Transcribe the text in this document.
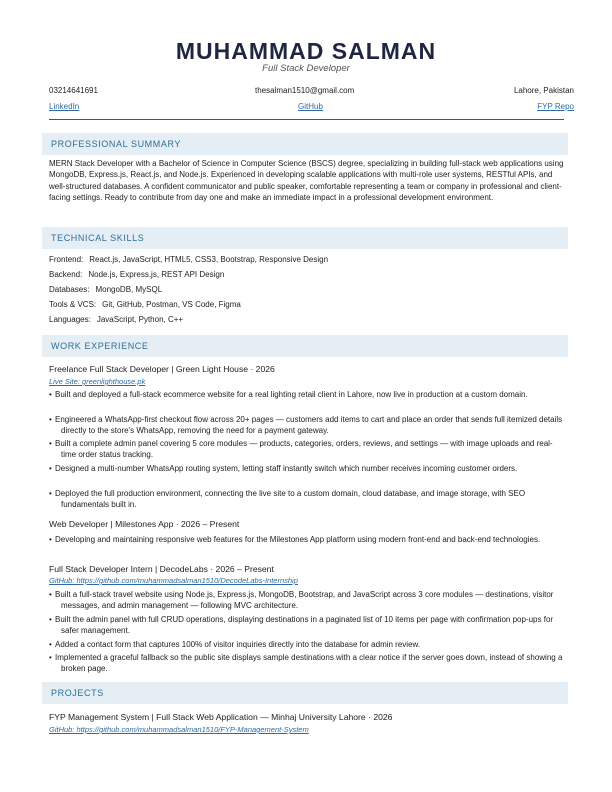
MUHAMMAD SALMAN
Full Stack Developer
03214641691	thesalman1510@gmail.com	Lahore, Pakistan
LinkedIn	GitHub	FYP Repo
PROFESSIONAL SUMMARY
MERN Stack Developer with a Bachelor of Science in Computer Science (BSCS) degree, specializing in building full-stack web applications using MongoDB, Express.js, React.js, and Node.js. Experienced in developing scalable applications with multi-role user systems, RESTful APIs, and well-structured databases. A confident communicator and public speaker, comfortable representing a team or company in professional and client-facing settings. Ready to contribute from day one and make an immediate impact in a professional development environment.
TECHNICAL SKILLS
Frontend: React.js, JavaScript, HTML5, CSS3, Bootstrap, Responsive Design
Backend: Node.js, Express.js, REST API Design
Databases: MongoDB, MySQL
Tools & VCS: Git, GitHub, Postman, VS Code, Figma
Languages: JavaScript, Python, C++
WORK EXPERIENCE
Freelance Full Stack Developer | Green Light House · 2026
Live Site: greenlighthouse.pk
• Built and deployed a full-stack ecommerce website for a real lighting retail client in Lahore, now live in production at a custom domain.
• Engineered a WhatsApp-first checkout flow across 20+ pages — customers add items to cart and place an order that sends full itemized details directly to the store's WhatsApp, removing the need for a payment gateway.
• Built a complete admin panel covering 5 core modules — products, categories, orders, reviews, and settings — with image uploads and real-time order status tracking.
• Designed a multi-number WhatsApp routing system, letting staff instantly switch which number receives incoming customer orders.
• Deployed the full production environment, connecting the live site to a custom domain, cloud database, and image storage, with SEO fundamentals built in.
Web Developer | Milestones App · 2026 – Present
• Developing and maintaining responsive web features for the Milestones App platform using modern front-end and back-end technologies.
Full Stack Developer Intern | DecodeLabs · 2026 – Present
GitHub: https://github.com/muhammadsalman1510/DecodeLabs-Internship
• Built a full-stack travel website using Node.js, Express.js, MongoDB, Bootstrap, and JavaScript across 3 core modules — destinations, visitor messages, and admin management — following MVC architecture.
• Built the admin panel with full CRUD operations, displaying destinations in a paginated list of 10 items per page with confirmation pop-ups for safer management.
• Added a contact form that captures 100% of visitor inquiries directly into the database for admin review.
• Implemented a graceful fallback so the public site displays sample destinations with a clear notice if the server goes down, instead of showing a broken page.
PROJECTS
FYP Management System | Full Stack Web Application — Minhaj University Lahore · 2026
GitHub: https://github.com/muhammadsalman1510/FYP-Management-System
